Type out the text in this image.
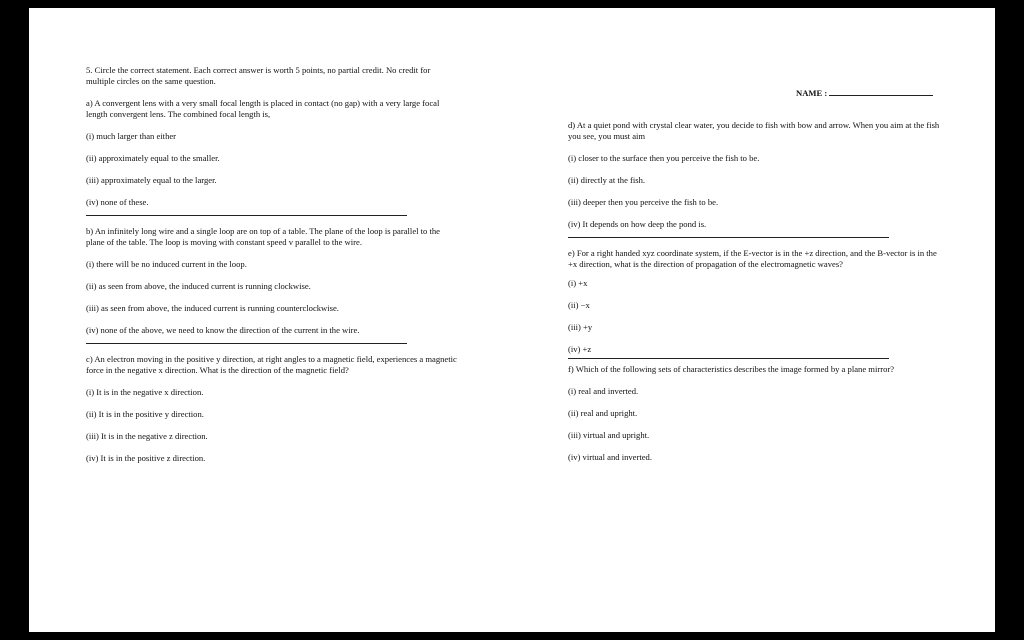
NAME :

5. Circle the correct statement. Each correct answer is worth 5 points, no partial credit. No credit for multiple circles on the same question.

a) A convergent lens with a very small focal length is placed in contact (no gap) with a very large focal length convergent lens. The combined focal length is,

(i) much larger than either

(ii) approximately equal to the smaller.

(iii) approximately equal to the larger.

(iv) none of these.

b) An infinitely long wire and a single loop are on top of a table. The plane of the loop is parallel to the plane of the table. The loop is moving with constant speed v parallel to the wire.

(i) there will be no induced current in the loop.

(ii) as seen from above, the induced current is running clockwise.

(iii) as seen from above, the induced current is running counterclockwise.

(iv) none of the above, we need to know the direction of the current in the wire.

c) An electron moving in the positive y direction, at right angles to a magnetic field, experiences a magnetic force in the negative x direction. What is the direction of the magnetic field?

(i) It is in the negative x direction.

(ii) It is in the positive y direction.

(iii) It is in the negative z direction.

(iv) It is in the positive z direction.

d) At a quiet pond with crystal clear water, you decide to fish with bow and arrow. When you aim at the fish you see, you must aim

(i) closer to the surface then you perceive the fish to be.

(ii) directly at the fish.

(iii) deeper then you perceive the fish to be.

(iv) It depends on how deep the pond is.

e) For a right handed xyz coordinate system, if the E-vector is in the +z direction, and the B-vector is in the +x direction, what is the direction of propagation of the electromagnetic waves?

(i) +x

(ii) −x

(iii) +y

(iv) +z

f) Which of the following sets of characteristics describes the image formed by a plane mirror?

(i) real and inverted.

(ii) real and upright.

(iii) virtual and upright.

(iv) virtual and inverted.
